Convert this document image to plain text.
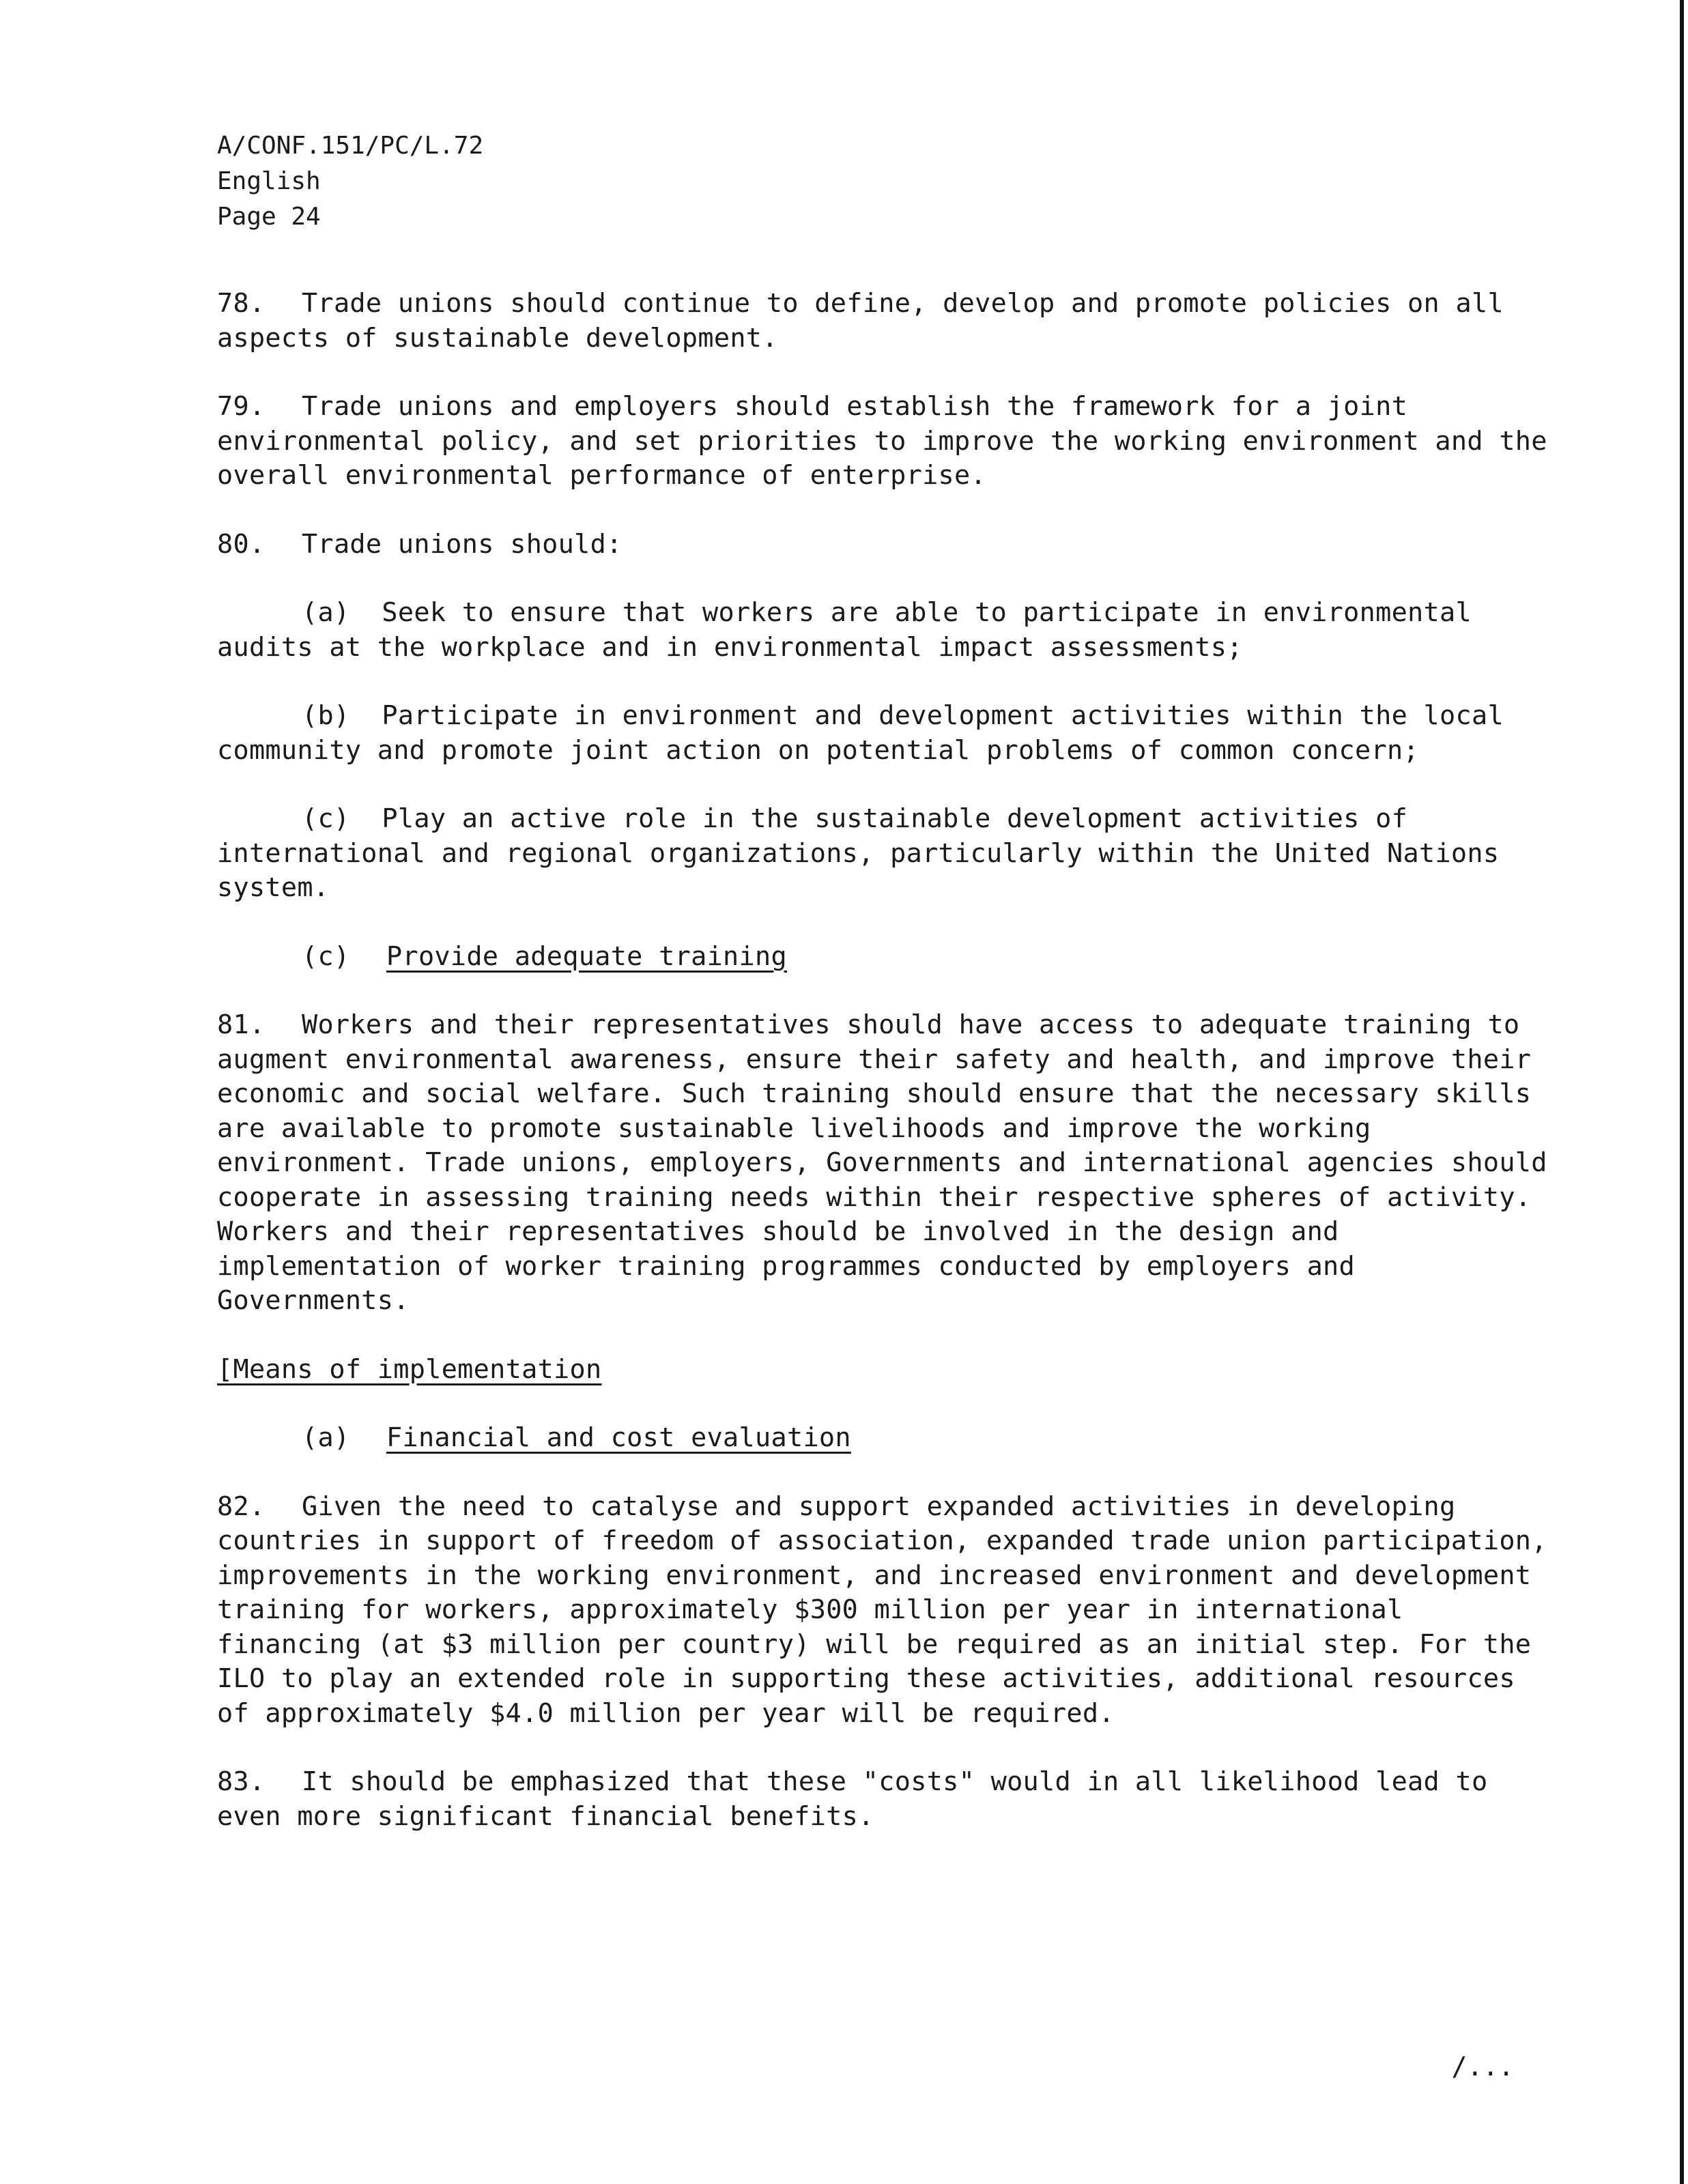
A/CONF.151/PC/L.72
English
Page 24

78. Trade unions should continue to define, develop and promote policies on all aspects of sustainable development.

79. Trade unions and employers should establish the framework for a joint environmental policy, and set priorities to improve the working environment and the overall environmental performance of enterprise.

80. Trade unions should:

(a) Seek to ensure that workers are able to participate in environmental audits at the workplace and in environmental impact assessments;

(b) Participate in environment and development activities within the local community and promote joint action on potential problems of common concern;

(c) Play an active role in the sustainable development activities of international and regional organizations, particularly within the United Nations system.

(c) Provide adequate training

81. Workers and their representatives should have access to adequate training to augment environmental awareness, ensure their safety and health, and improve their economic and social welfare. Such training should ensure that the necessary skills are available to promote sustainable livelihoods and improve the working environment. Trade unions, employers, Governments and international agencies should cooperate in assessing training needs within their respective spheres of activity. Workers and their representatives should be involved in the design and implementation of worker training programmes conducted by employers and Governments.

[Means of implementation
(a) Financial and cost evaluation

82. Given the need to catalyse and support expanded activities in developing countries in support of freedom of association, expanded trade union participation, improvements in the working environment, and increased environment and development training for workers, approximately $300 million per year in international financing (at $3 million per country) will be required as an initial step. For the ILO to play an extended role in supporting these activities, additional resources of approximately $4.0 million per year will be required.

83. It should be emphasized that these "costs" would in all likelihood lead to even more significant financial benefits.

/...
